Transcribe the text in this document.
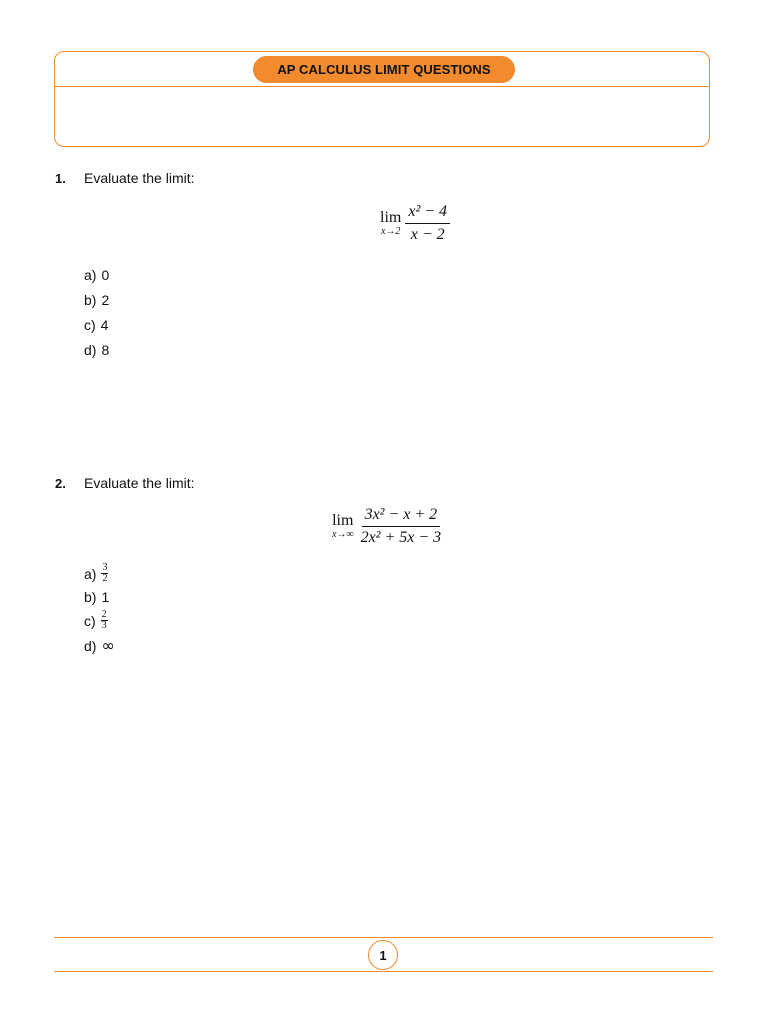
AP CALCULUS LIMIT QUESTIONS
1. Evaluate the limit:
lim
$x\to 2 \frac{\text{x² − 4}}{x - 2}$
a) 0
b) 2
c) 4
d) 8
2. Evaluate the limit:
lim
$x\to\infty \frac{\text{3x² − x + 2}}{\text{2x² + 5x − 3}}$
$a) \frac{3}{2}$
b) 1
$c) \frac{2}{3}$
d) ∞
1
